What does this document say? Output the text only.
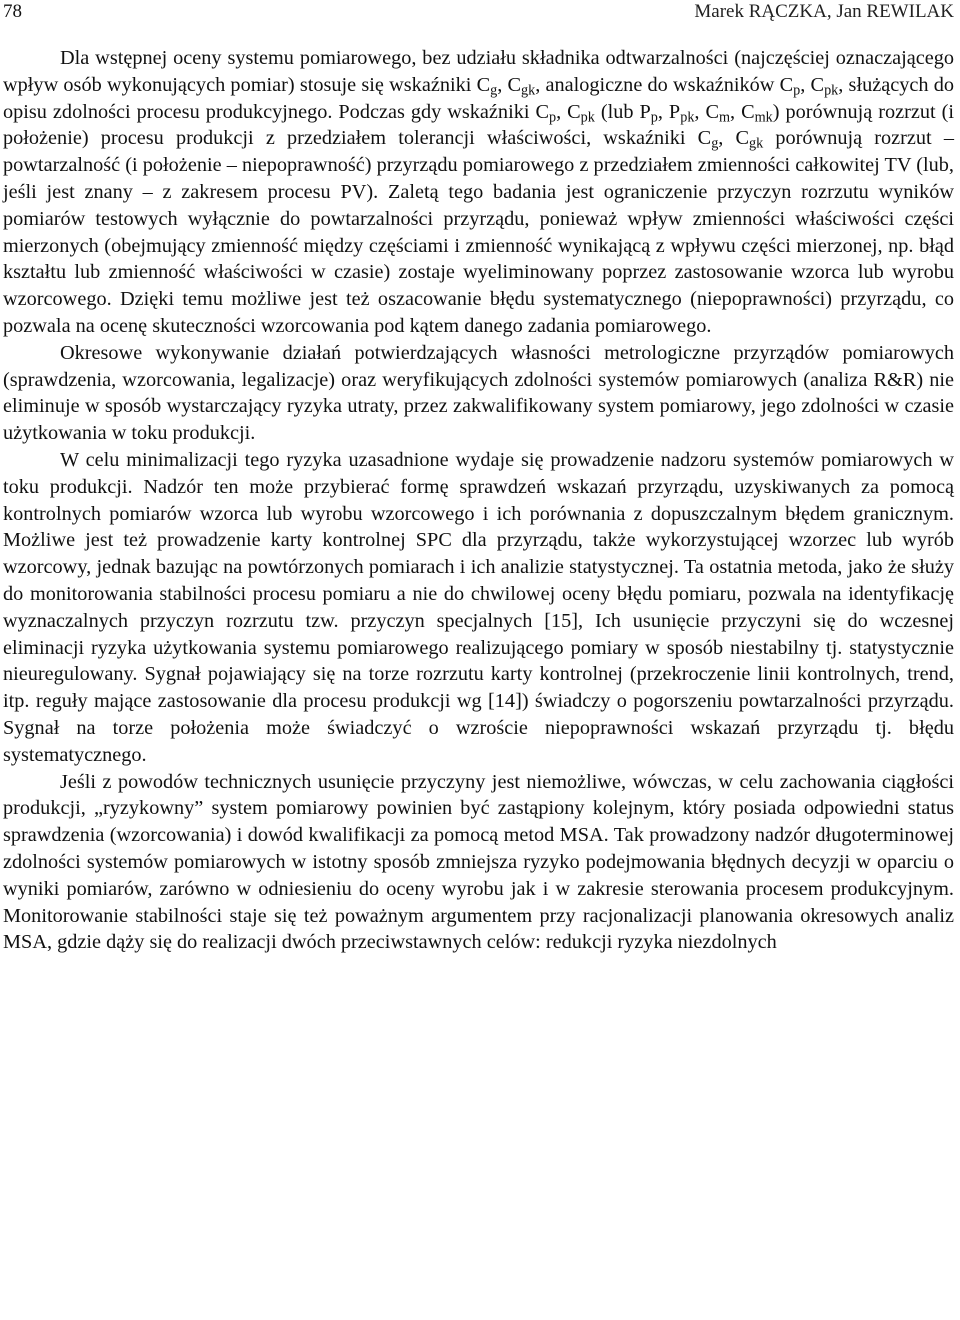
78	Marek RĄCZKA, Jan REWILAK

Dla wstępnej oceny systemu pomiarowego, bez udziału składnika odtwarzalności (najczęściej oznaczającego wpływ osób wykonujących pomiar) stosuje się wskaźniki $C_g$, $C_{gk}$, analogiczne do wskaźników $C_p$, $C_{pk}$, służących do opisu zdolności procesu produkcyjnego. Podczas gdy wskaźniki $C_p$, $C_{pk}$ (lub $P_p$, $P_{pk}$, $C_m$, $C_{mk}$) porównują rozrzut (i położenie) procesu produkcji z przedziałem tolerancji właściwości, wskaźniki $C_g$, $C_{gk}$ porównują rozrzut – powtarzalność (i położenie – niepoprawność) przyrządu pomiarowego z przedziałem zmienności całkowitej TV (lub, jeśli jest znany – z zakresem procesu PV). Zaletą tego badania jest ograniczenie przyczyn rozrzutu wyników pomiarów testowych wyłącznie do powtarzalności przyrządu, ponieważ wpływ zmienności właściwości części mierzonych (obejmujący zmienność między częściami i zmienność wynikającą z wpływu części mierzonej, np. błąd kształtu lub zmienność właściwości w czasie) zostaje wyeliminowany poprzez zastosowanie wzorca lub wyrobu wzorcowego. Dzięki temu możliwe jest też oszacowanie błędu systematycznego (niepoprawności) przyrządu, co pozwala na ocenę skuteczności wzorcowania pod kątem danego zadania pomiarowego.

Okresowe wykonywanie działań potwierdzających własności metrologiczne przyrządów pomiarowych (sprawdzenia, wzorcowania, legalizacje) oraz weryfikujących zdolności systemów pomiarowych (analiza R&R) nie eliminuje w sposób wystarczający ryzyka utraty, przez zakwalifikowany system pomiarowy, jego zdolności w czasie użytkowania w toku produkcji.

W celu minimalizacji tego ryzyka uzasadnione wydaje się prowadzenie nadzoru systemów pomiarowych w toku produkcji. Nadzór ten może przybierać formę sprawdzeń wskazań przyrządu, uzyskiwanych za pomocą kontrolnych pomiarów wzorca lub wyrobu wzorcowego i ich porównania z dopuszczalnym błędem granicznym. Możliwe jest też prowadzenie karty kontrolnej SPC dla przyrządu, także wykorzystującej wzorzec lub wyrób wzorcowy, jednak bazując na powtórzonych pomiarach i ich analizie statystycznej. Ta ostatnia metoda, jako że służy do monitorowania stabilności procesu pomiaru a nie do chwilowej oceny błędu pomiaru, pozwala na identyfikację wyznaczalnych przyczyn rozrzutu tzw. przyczyn specjalnych [15], Ich usunięcie przyczyni się do wczesnej eliminacji ryzyka użytkowania systemu pomiarowego realizującego pomiary w sposób niestabilny tj. statystycznie nieuregulowany. Sygnał pojawiający się na torze rozrzutu karty kontrolnej (przekroczenie linii kontrolnych, trend, itp. reguły mające zastosowanie dla procesu produkcji wg [14]) świadczy o pogorszeniu powtarzalności przyrządu. Sygnał na torze położenia może świadczyć o wzroście niepoprawności wskazań przyrządu tj. błędu systematycznego.

Jeśli z powodów technicznych usunięcie przyczyny jest niemożliwe, wówczas, w celu zachowania ciągłości produkcji, „ryzykowny” system pomiarowy powinien być zastąpiony kolejnym, który posiada odpowiedni status sprawdzenia (wzorcowania) i dowód kwalifikacji za pomocą metod MSA. Tak prowadzony nadzór długoterminowej zdolności systemów pomiarowych w istotny sposób zmniejsza ryzyko podejmowania błędnych decyzji w oparciu o wyniki pomiarów, zarówno w odniesieniu do oceny wyrobu jak i w zakresie sterowania procesem produkcyjnym. Monitorowanie stabilności staje się też poważnym argumentem przy racjonalizacji planowania okresowych analiz MSA, gdzie dąży się do realizacji dwóch przeciwstawnych celów: redukcji ryzyka niezdolnych
